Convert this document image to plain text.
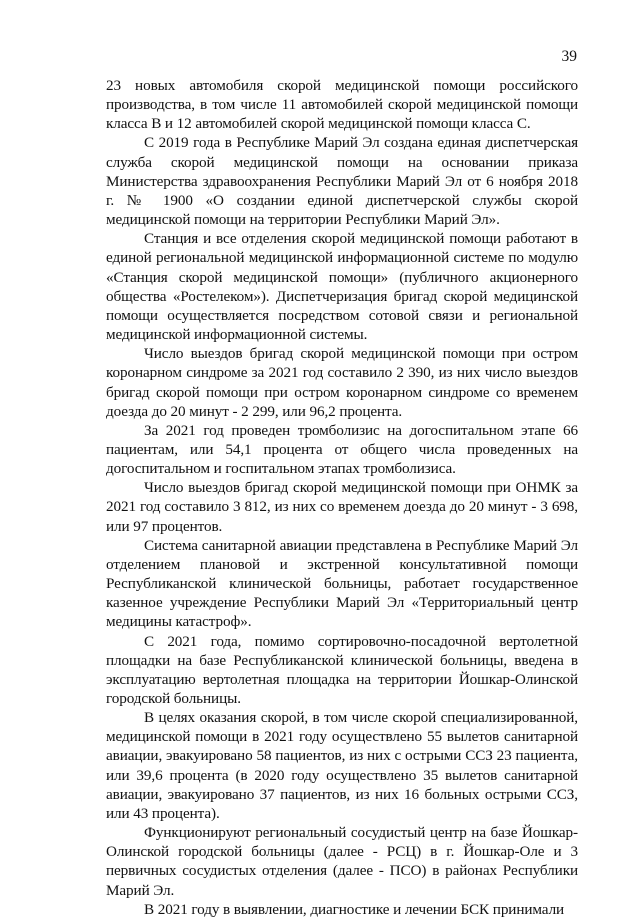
39

23 новых автомобиля скорой медицинской помощи российского производства, в том числе 11 автомобилей скорой медицинской помощи класса В и 12 автомобилей скорой медицинской помощи класса С.

С 2019 года в Республике Марий Эл создана единая диспетчерская служба скорой медицинской помощи на основании приказа Министерства здравоохранения Республики Марий Эл от 6 ноября 2018 г. № 1900 «О создании единой диспетчерской службы скорой медицинской помощи на территории Республики Марий Эл».

Станция и все отделения скорой медицинской помощи работают в единой региональной медицинской информационной системе по модулю «Станция скорой медицинской помощи» (публичного акционерного общества «Ростелеком»). Диспетчеризация бригад скорой медицинской помощи осуществляется посредством сотовой связи и региональной медицинской информационной системы.

Число выездов бригад скорой медицинской помощи при остром коронарном синдроме за 2021 год составило 2 390, из них число выездов бригад скорой помощи при остром коронарном синдроме со временем доезда до 20 минут - 2 299, или 96,2 процента.

За 2021 год проведен тромболизис на догоспитальном этапе 66 пациентам, или 54,1 процента от общего числа проведенных на догоспитальном и госпитальном этапах тромболизиса.

Число выездов бригад скорой медицинской помощи при ОНМК за 2021 год составило 3 812, из них со временем доезда до 20 минут - 3 698, или 97 процентов.

Система санитарной авиации представлена в Республике Марий Эл отделением плановой и экстренной консультативной помощи Республиканской клинической больницы, работает государственное казенное учреждение Республики Марий Эл «Территориальный центр медицины катастроф».

С 2021 года, помимо сортировочно-посадочной вертолетной площадки на базе Республиканской клинической больницы, введена в эксплуатацию вертолетная площадка на территории Йошкар-Олинской городской больницы.

В целях оказания скорой, в том числе скорой специализированной, медицинской помощи в 2021 году осуществлено 55 вылетов санитарной авиации, эвакуировано 58 пациентов, из них с острыми ССЗ 23 пациента, или 39,6 процента (в 2020 году осуществлено 35 вылетов санитарной авиации, эвакуировано 37 пациентов, из них 16 больных острыми ССЗ, или 43 процента).

Функционируют региональный сосудистый центр на базе Йошкар-Олинской городской больницы (далее - РСЦ) в г. Йошкар-Оле и 3 первичных сосудистых отделения (далее - ПСО) в районах Республики Марий Эл.

В 2021 году в выявлении, диагностике и лечении БСК принимали
